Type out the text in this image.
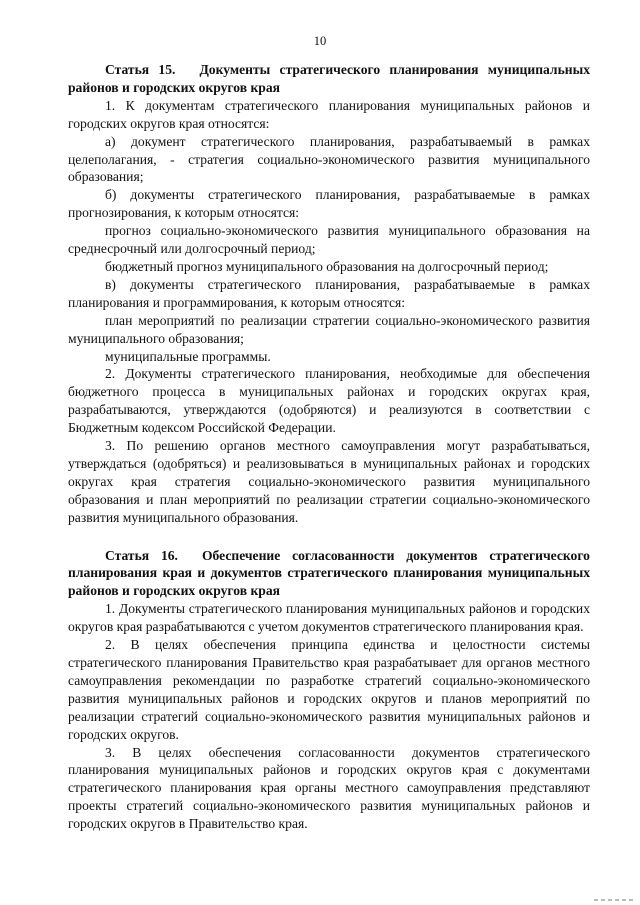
10

Статья 15. Документы стратегического планирования муниципальных районов и городских округов края

1. К документам стратегического планирования муниципальных районов и городских округов края относятся:

а) документ стратегического планирования, разрабатываемый в рамках целеполагания, - стратегия социально-экономического развития муниципального образования;

б) документы стратегического планирования, разрабатываемые в рамках прогнозирования, к которым относятся:

прогноз социально-экономического развития муниципального образования на среднесрочный или долгосрочный период;

бюджетный прогноз муниципального образования на долгосрочный период;

в) документы стратегического планирования, разрабатываемые в рамках планирования и программирования, к которым относятся:

план мероприятий по реализации стратегии социально-экономического развития муниципального образования;

муниципальные программы.

2. Документы стратегического планирования, необходимые для обеспечения бюджетного процесса в муниципальных районах и городских округах края, разрабатываются, утверждаются (одобряются) и реализуются в соответствии с Бюджетным кодексом Российской Федерации.

3. По решению органов местного самоуправления могут разрабатываться, утверждаться (одобряться) и реализовываться в муниципальных районах и городских округах края стратегия социально-экономического развития муниципального образования и план мероприятий по реализации стратегии социально-экономического развития муниципального образования.

Статья 16. Обеспечение согласованности документов стратегического планирования края и документов стратегического планирования муниципальных районов и городских округов края

1. Документы стратегического планирования муниципальных районов и городских округов края разрабатываются с учетом документов стратегического планирования края.

2. В целях обеспечения принципа единства и целостности системы стратегического планирования Правительство края разрабатывает для органов местного самоуправления рекомендации по разработке стратегий социально-экономического развития муниципальных районов и городских округов и планов мероприятий по реализации стратегий социально-экономического развития муниципальных районов и городских округов.

3. В целях обеспечения согласованности документов стратегического планирования муниципальных районов и городских округов края с документами стратегического планирования края органы местного самоуправления представляют проекты стратегий социально-экономического развития муниципальных районов и городских округов в Правительство края.
